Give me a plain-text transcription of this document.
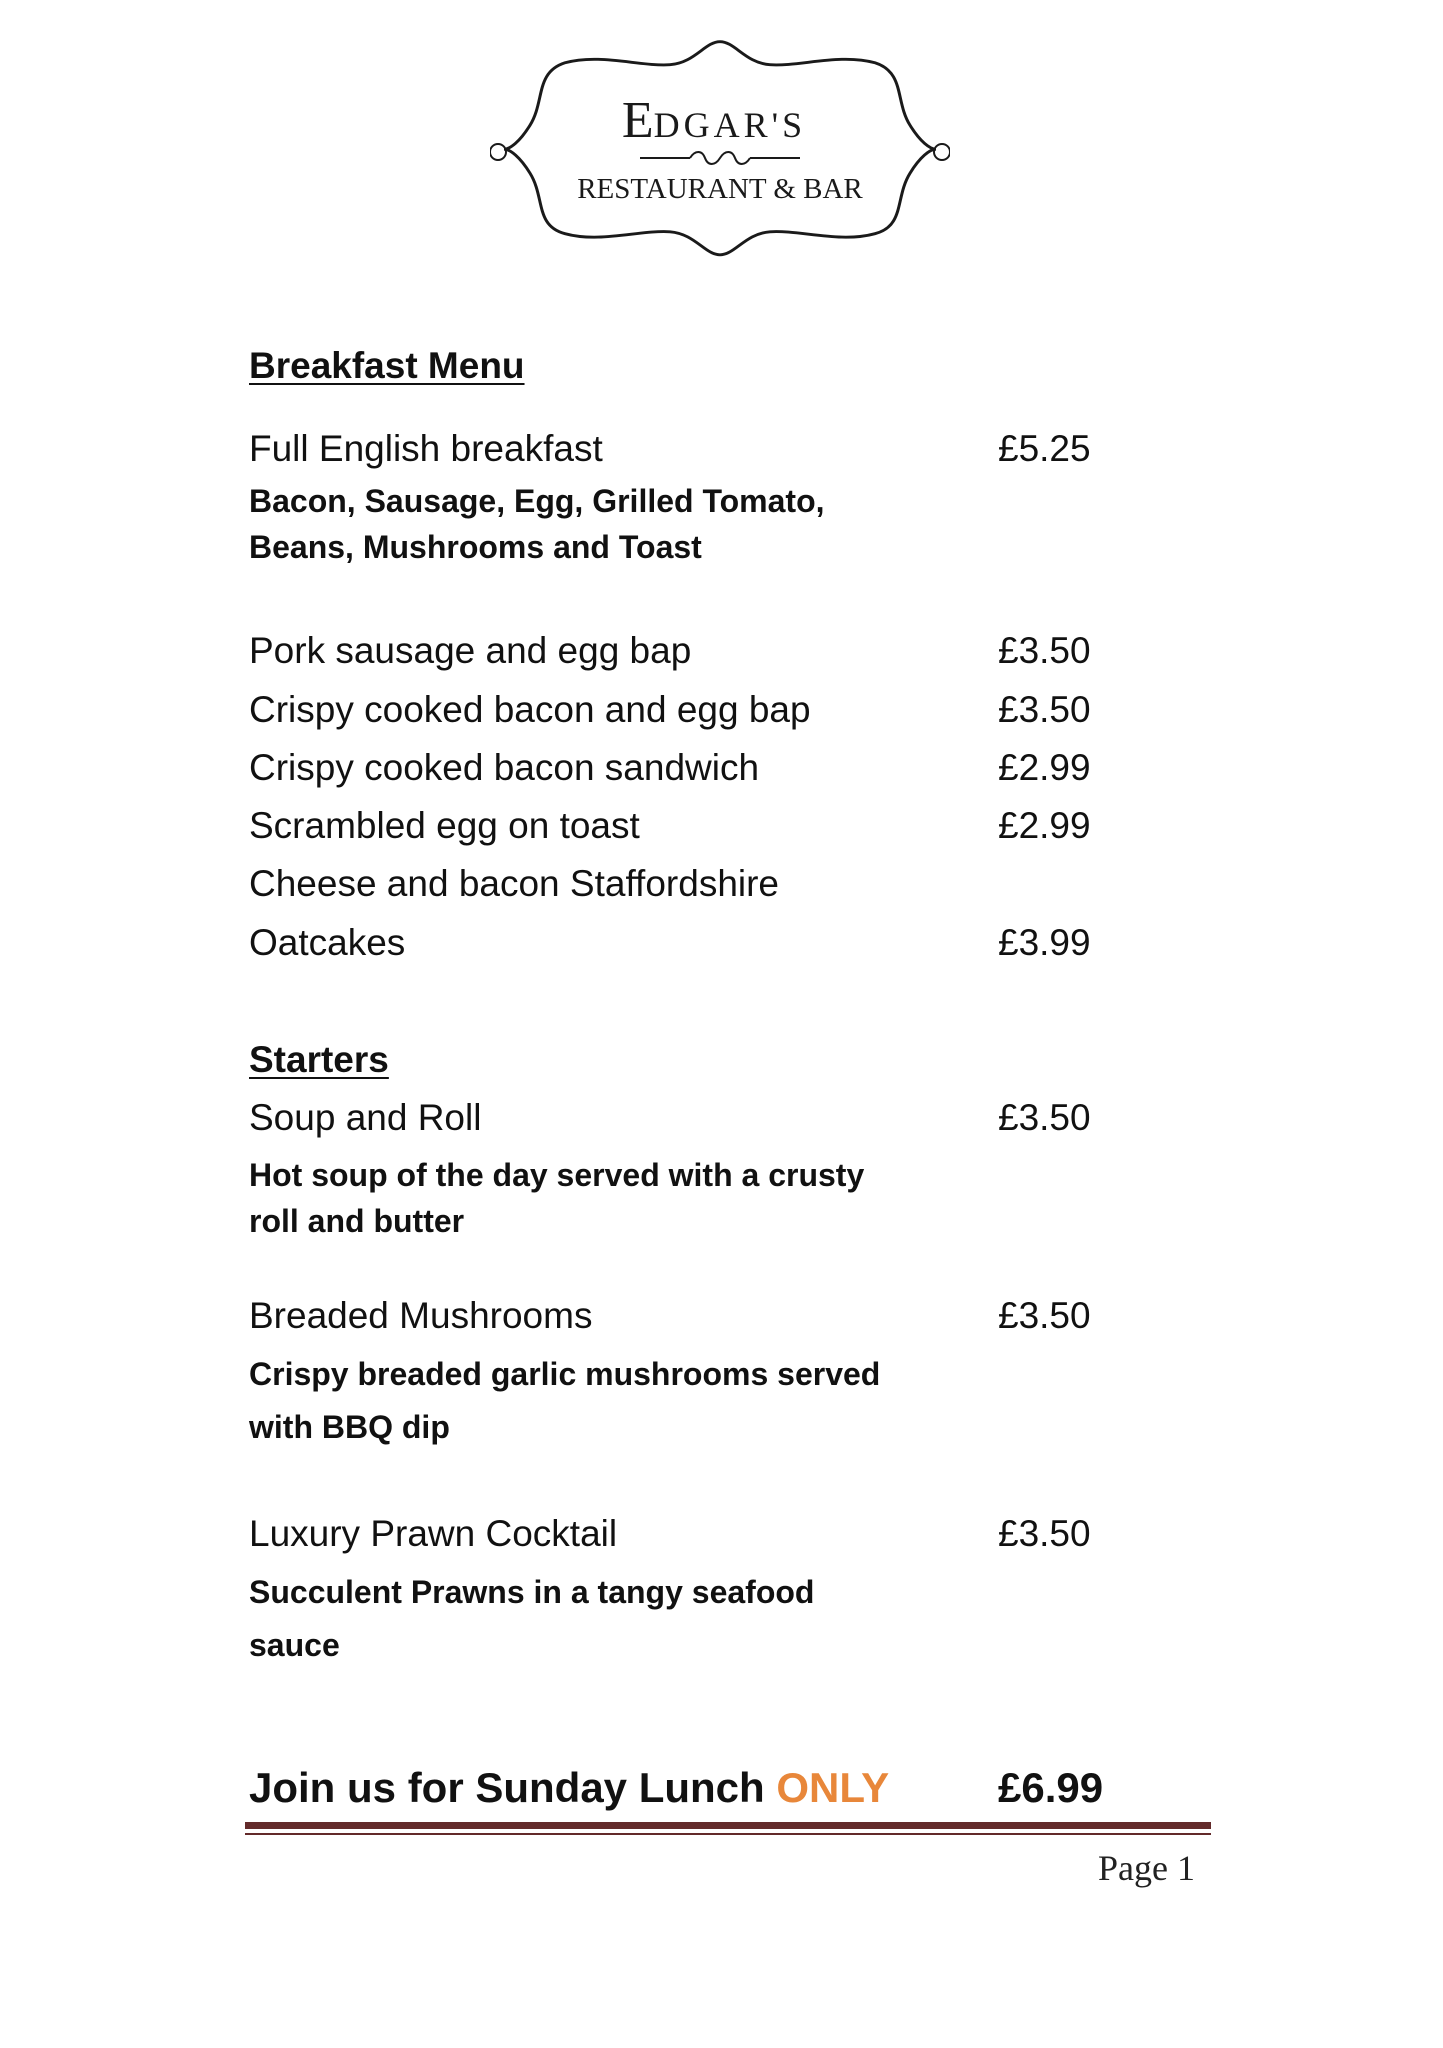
EDGAR'S
RESTAURANT & BAR
Breakfast Menu
Full English breakfast	£5.25
Bacon, Sausage, Egg, Grilled Tomato,
Beans, Mushrooms and Toast
Pork sausage and egg bap	£3.50
Crispy cooked bacon and egg bap	£3.50
Crispy cooked bacon sandwich	£2.99
Scrambled egg on toast	£2.99
Cheese and bacon Staffordshire
Oatcakes	£3.99
Starters
Soup and Roll	£3.50
Hot soup of the day served with a crusty
roll and butter
Breaded Mushrooms	£3.50
Crispy breaded garlic mushrooms served
with BBQ dip
Luxury Prawn Cocktail	£3.50
Succulent Prawns in a tangy seafood
sauce
Join us for Sunday Lunch ONLY	£6.99
Page 1
